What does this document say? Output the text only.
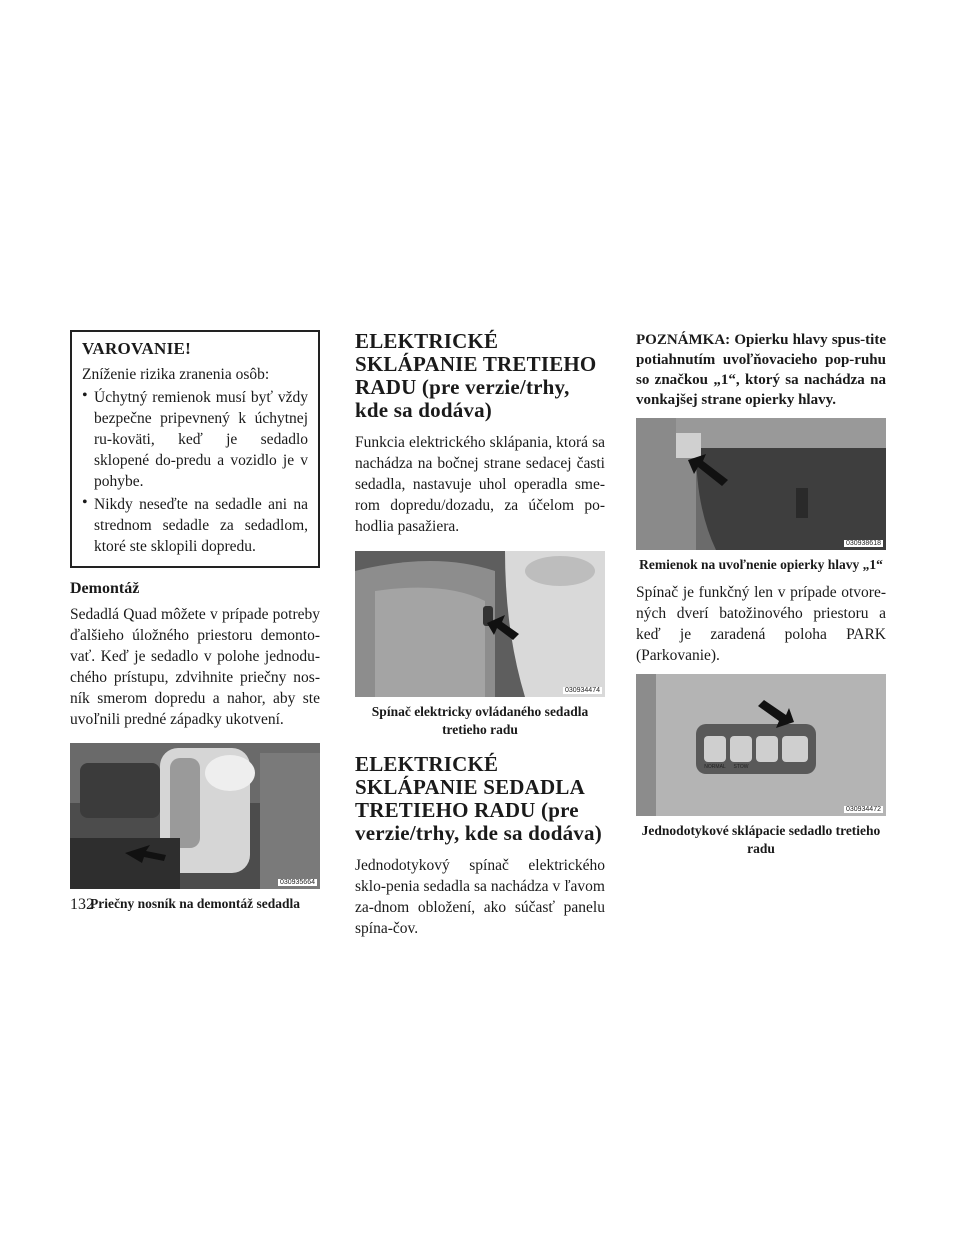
VAROVANIE!

Zníženie rizika zranenia osôb:

• Úchytný remienok musí byť vždy bezpečne pripevnený k úchytnej ru-koväti, keď je sedadlo sklopené do-predu a vozidlo je v pohybe.

• Nikdy neseďte na sedadle ani na strednom sedadle za sedadlom, ktoré ste sklopili dopredu.

Demontáž

Sedadlá Quad môžete v prípade potreby ďalšieho úložného priestoru demonto-vať. Keď je sedadlo v polohe jednodu-chého prístupu, zdvihnite priečny nos-ník smerom dopredu a nahor, aby ste uvoľnili predné západky ukotvení.

030935664
Priečny nosník na demontáž sedadla
ELEKTRICKÉ SKLÁPANIE TRETIEHO RADU (pre verzie/trhy, kde sa dodáva)

Funkcia elektrického sklápania, ktorá sa nachádza na bočnej strane sedacej časti sedadla, nastavuje uhol operadla sme-rom dopredu/dozadu, za účelom po-hodlia pasažiera.

030934474
Spínač elektricky ovládaného sedadla tretieho radu
ELEKTRICKÉ SKLÁPANIE SEDADLA TRETIEHO RADU (pre verzie/trhy, kde sa dodáva)

Jednodotykový spínač elektrického sklo-penia sedadla sa nachádza v ľavom za-dnom obložení, ako súčasť panelu spína-čov.

POZNÁMKA: Opierku hlavy spus-tite potiahnutím uvoľňovacieho pop-ruhu so značkou „1“, ktorý sa nachádza na vonkajšej strane opierky hlavy.

030938618
Remienok na uvoľnenie opierky hlavy „1“

Spínač je funkčný len v prípade otvore-ných dverí batožinového priestoru a keď je zaradená poloha PARK (Parkovanie).

NORMAL STOW
030934472
Jednodotykové sklápacie sedadlo tretieho radu
132
